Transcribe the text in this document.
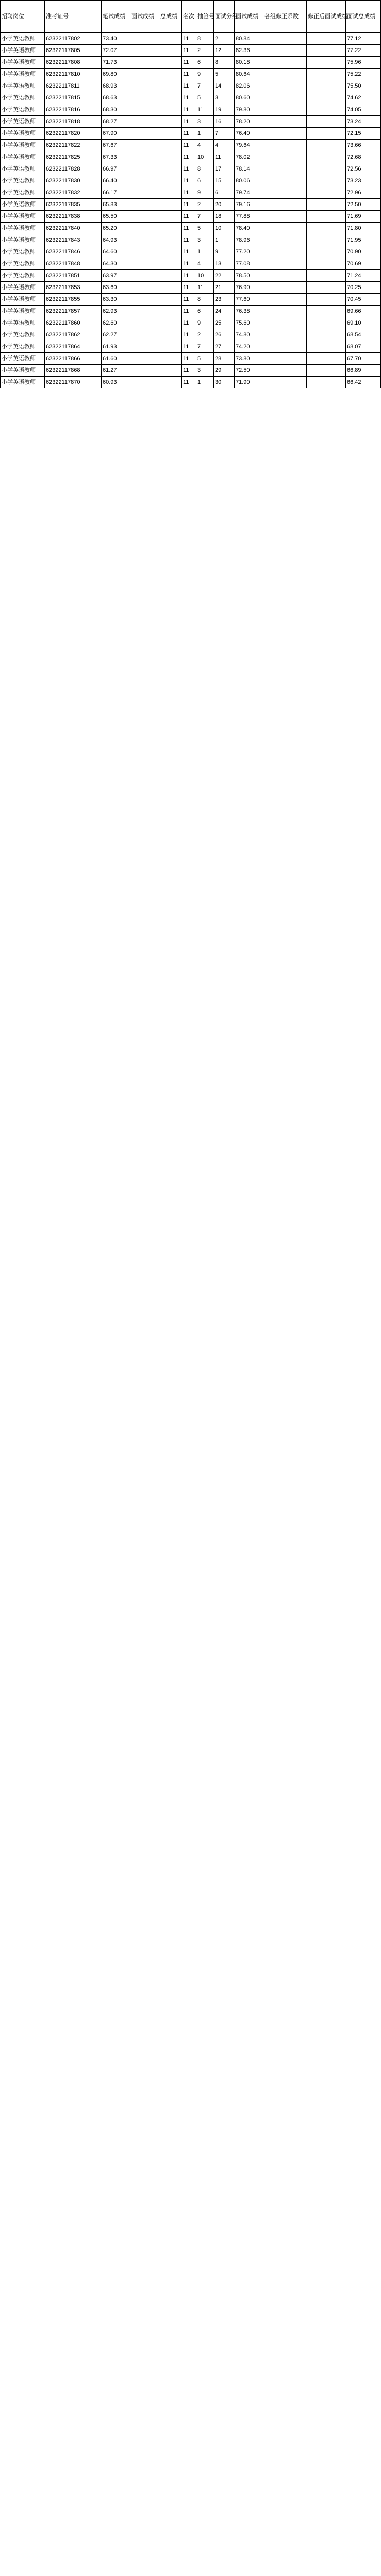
招聘岗位	准考证号	笔试成绩	面试成绩	总成绩	名次	抽签号	面试分组	面试成绩	各组修正系数	修正后面试成绩	面试总成绩
小学英语教师	62322117802	73.40			11	8	2	80.84			77.12
小学英语教师	62322117805	72.07			11	2	12	82.36			77.22
小学英语教师	62322117808	71.73			11	6	8	80.18			75.96
小学英语教师	62322117810	69.80			11	9	5	80.64			75.22
小学英语教师	62322117811	68.93			11	7	14	82.06			75.50
小学英语教师	62322117815	68.63			11	5	3	80.60			74.62
小学英语教师	62322117816	68.30			11	11	19	79.80			74.05
小学英语教师	62322117818	68.27			11	3	16	78.20			73.24
小学英语教师	62322117820	67.90			11	1	7	76.40			72.15
小学英语教师	62322117822	67.67			11	4	4	79.64			73.66
小学英语教师	62322117825	67.33			11	10	11	78.02			72.68
小学英语教师	62322117828	66.97			11	8	17	78.14			72.56
小学英语教师	62322117830	66.40			11	6	15	80.06			73.23
小学英语教师	62322117832	66.17			11	9	6	79.74			72.96
小学英语教师	62322117835	65.83			11	2	20	79.16			72.50
小学英语教师	62322117838	65.50			11	7	18	77.88			71.69
小学英语教师	62322117840	65.20			11	5	10	78.40			71.80
小学英语教师	62322117843	64.93			11	3	1	78.96			71.95
小学英语教师	62322117846	64.60			11	1	9	77.20			70.90
小学英语教师	62322117848	64.30			11	4	13	77.08			70.69
小学英语教师	62322117851	63.97			11	10	22	78.50			71.24
小学英语教师	62322117853	63.60			11	11	21	76.90			70.25
小学英语教师	62322117855	63.30			11	8	23	77.60			70.45
小学英语教师	62322117857	62.93			11	6	24	76.38			69.66
小学英语教师	62322117860	62.60			11	9	25	75.60			69.10
小学英语教师	62322117862	62.27			11	2	26	74.80			68.54
小学英语教师	62322117864	61.93			11	7	27	74.20			68.07
小学英语教师	62322117866	61.60			11	5	28	73.80			67.70
小学英语教师	62322117868	61.27			11	3	29	72.50			66.89
小学英语教师	62322117870	60.93			11	1	30	71.90			66.42
